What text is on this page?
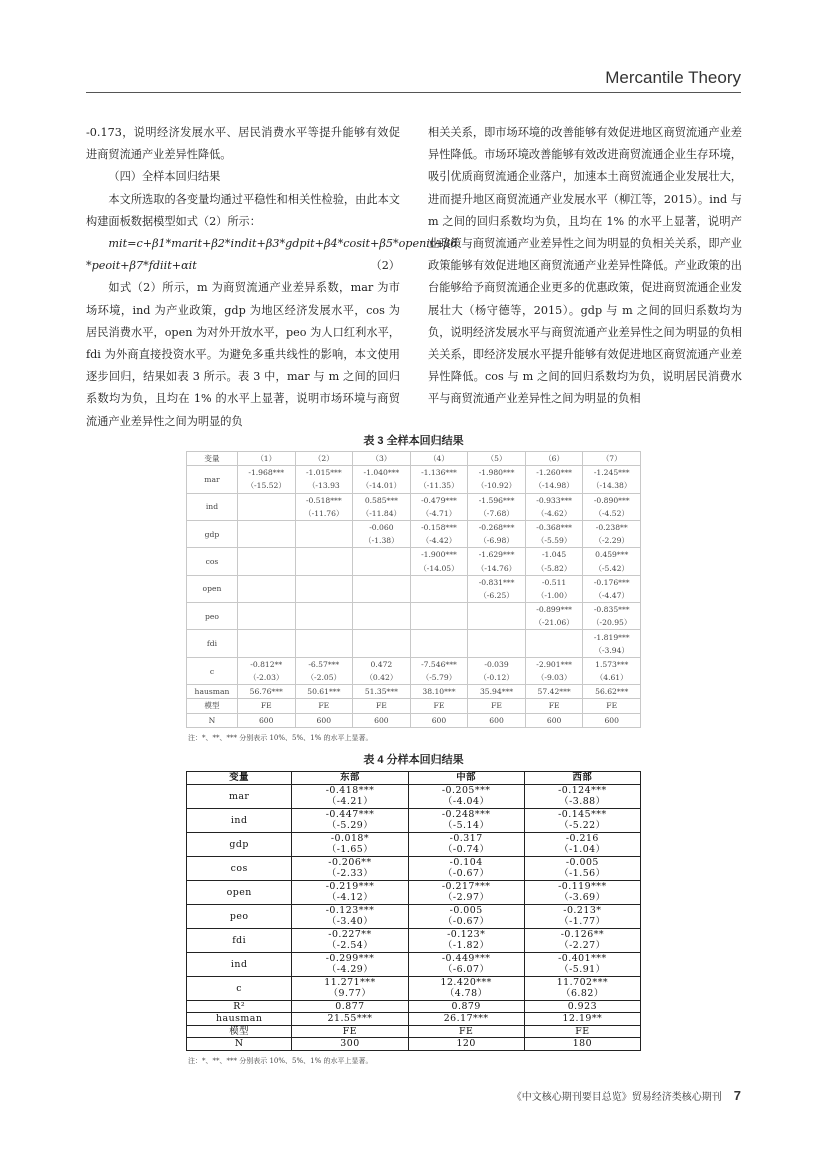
Mercantile Theory

-0.173，说明经济发展水平、居民消费水平等提升能够有效促进商贸流通产业差异性降低。

（四）全样本回归结果

本文所选取的各变量均通过平稳性和相关性检验，由此本文构建面板数据模型如式（2）所示：

mit=c+β1*marit+β2*indit+β3*gdpit+β4*cosit+β5*openit+β6

（2）
*peoit+β7*fdiit+αit

如式（2）所示，m 为商贸流通产业差异系数，mar 为市场环境，ind 为产业政策，gdp 为地区经济发展水平，cos 为居民消费水平，open 为对外开放水平，peo 为人口红利水平，fdi 为外商直接投资水平。为避免多重共线性的影响，本文使用逐步回归，结果如表 3 所示。表 3 中，mar 与 m 之间的回归系数均为负，且均在 1% 的水平上显著，说明市场环境与商贸流通产业差异性之间为明显的负

相关关系，即市场环境的改善能够有效促进地区商贸流通产业差异性降低。市场环境改善能够有效改进商贸流通企业生存环境，吸引优质商贸流通企业落户，加速本土商贸流通企业发展壮大，进而提升地区商贸流通产业发展水平（柳江等，2015）。ind 与 m 之间的回归系数均为负，且均在 1% 的水平上显著，说明产业政策与商贸流通产业差异性之间为明显的负相关关系，即产业政策能够有效促进地区商贸流通产业差异性降低。产业政策的出台能够给予商贸流通企业更多的优惠政策，促进商贸流通企业发展壮大（杨守德等，2015）。gdp 与 m 之间的回归系数均为负，说明经济发展水平与商贸流通产业差异性之间为明显的负相关关系，即经济发展水平提升能够有效促进地区商贸流通产业差异性降低。cos 与 m 之间的回归系数均为负，说明居民消费水平与商贸流通产业差异性之间为明显的负相

表 3 全样本回归结果
变量	（1）	（2）	（3）	（4）	（5）	（6）	（7）
mar	-1.968***	-1.015***	-1.040***	-1.136***	-1.980***	-1.260***	-1.245***
	（-15.52）	（-13.93	（-14.01）	（-11.35）	（-10.92）	（-14.98）	（-14.38）
ind		-0.518***	0.585***	-0.479***	-1.596***	-0.933***	-0.890***
		（-11.76）	（-11.84）	（-4.71）	（-7.68）	（-4.62）	（-4.52）
gdp			-0.060	-0.158***	-0.268***	-0.368***	-0.238**
			（-1.38）	（-4.42）	（-6.98）	（-5.59）	（-2.29）
cos				-1.900***	-1.629***	-1.045	0.459***
				（-14.05）	（-14.76）	（-5.82）	（-5.42）
open					-0.831***	-0.511	-0.176***
					（-6.25）	（-1.00）	（-4.47）
peo						-0.899***	-0.835***
						（-21.06）	（-20.95）
fdi							-1.819***
							（-3.94）
c	-0.812**	-6.57***	0.472	-7.546***	-0.039	-2.901***	1.573***
	（-2.03）	（-2.05）	（0.42）	（-5.79）	（-0.12）	（-9.03）	（4.61）
hausman	56.76***	50.61***	51.35***	38.10***	35.94***	57.42***	56.62***
模型	FE	FE	FE	FE	FE	FE	FE
N	600	600	600	600	600	600	600
注：*、**、*** 分别表示 10%、5%、1% 的水平上显著。
表 4 分样本回归结果
变量	东部	中部	西部
mar	-0.418***	-0.205***	-0.124***
	（-4.21）	（-4.04）	（-3.88）
ind	-0.447***	-0.248***	-0.145***
	（-5.29）	（-5.14）	（-5.22）
gdp	-0.018*	-0.317	-0.216
	（-1.65）	（-0.74）	（-1.04）
cos	-0.206**	-0.104	-0.005
	（-2.33）	（-0.67）	（-1.56）
open	-0.219***	-0.217***	-0.119***
	（-4.12）	（-2.97）	（-3.69）
peo	-0.123***	-0.005	-0.213*
	（-3.40）	（-0.67）	（-1.77）
fdi	-0.227**	-0.123*	-0.126**
	（-2.54）	（-1.82）	（-2.27）
ind	-0.299***	-0.449***	-0.401***
	（-4.29）	（-6.07）	（-5.91）
c	11.271***	12.420***	11.702***
	（9.77）	（4.78）	（6.82）
R²	0.877	0.879	0.923
hausman	21.55***	26.17***	12.19**
模型	FE	FE	FE
N	300	120	180
注：*、**、*** 分别表示 10%、5%、1% 的水平上显著。
《中文核心期刊要目总览》贸易经济类核心期刊 7
